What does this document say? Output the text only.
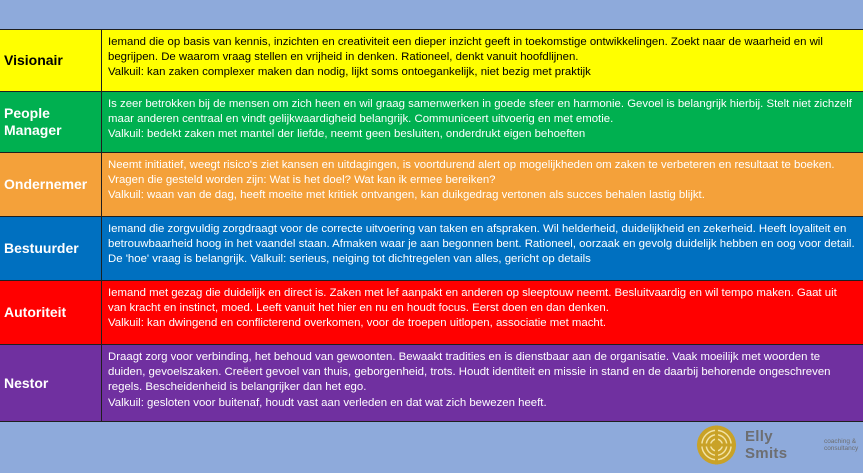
Visionair

Iemand die op basis van kennis, inzichten en creativiteit een dieper inzicht geeft in toekomstige ontwikkelingen. Zoekt naar de waarheid en wil begrijpen. De waarom vraag stellen en vrijheid in denken. Rationeel, denkt vanuit hoofdlijnen.

Valkuil: kan zaken complexer maken dan nodig, lijkt soms ontoegankelijk, niet bezig met praktijk

People Manager

Is zeer betrokken bij de mensen om zich heen en wil graag samenwerken in goede sfeer en harmonie. Gevoel is belangrijk hierbij. Stelt niet zichzelf maar anderen centraal en vindt gelijkwaardigheid belangrijk. Communiceert uitvoerig en met emotie.

Valkuil: bedekt zaken met mantel der liefde, neemt geen besluiten, onderdrukt eigen behoeften

Ondernemer

Neemt initiatief, weegt risico's ziet kansen en uitdagingen, is voortdurend alert op mogelijkheden om zaken te verbeteren en resultaat te boeken. Vragen die gesteld worden zijn: Wat is het doel? Wat kan ik ermee bereiken?

Valkuil: waan van de dag, heeft moeite met kritiek ontvangen, kan duikgedrag vertonen als succes behalen lastig blijkt.

Bestuurder

Iemand die zorgvuldig zorgdraagt voor de correcte uitvoering van taken en afspraken. Wil helderheid, duidelijkheid en zekerheid. Heeft loyaliteit en betrouwbaarheid hoog in het vaandel staan. Afmaken waar je aan begonnen bent. Rationeel, oorzaak en gevolg duidelijk hebben en oog voor detail. De 'hoe' vraag is belangrijk. Valkuil: serieus, neiging tot dichtregelen van alles, gericht op details

Autoriteit

Iemand met gezag die duidelijk en direct is. Zaken met lef aanpakt en anderen op sleeptouw neemt. Besluitvaardig en wil tempo maken. Gaat uit van kracht en instinct, moed. Leeft vanuit het hier en nu en houdt focus. Eerst doen en dan denken.

Valkuil: kan dwingend en conflicterend overkomen, voor de troepen uitlopen, associatie met macht.

Nestor

Draagt zorg voor verbinding, het behoud van gewoonten. Bewaakt tradities en is dienstbaar aan de organisatie. Vaak moeilijk met woorden te duiden, gevoelszaken. Creëert gevoel van thuis, geborgenheid, trots. Houdt identiteit en missie in stand en de daarbij behorende ongeschreven regels. Bescheidenheid is belangrijker dan het ego.

Valkuil: gesloten voor buitenaf, houdt vast aan verleden en dat wat zich bewezen heeft.

Elly Smits
coaching & consultancy
